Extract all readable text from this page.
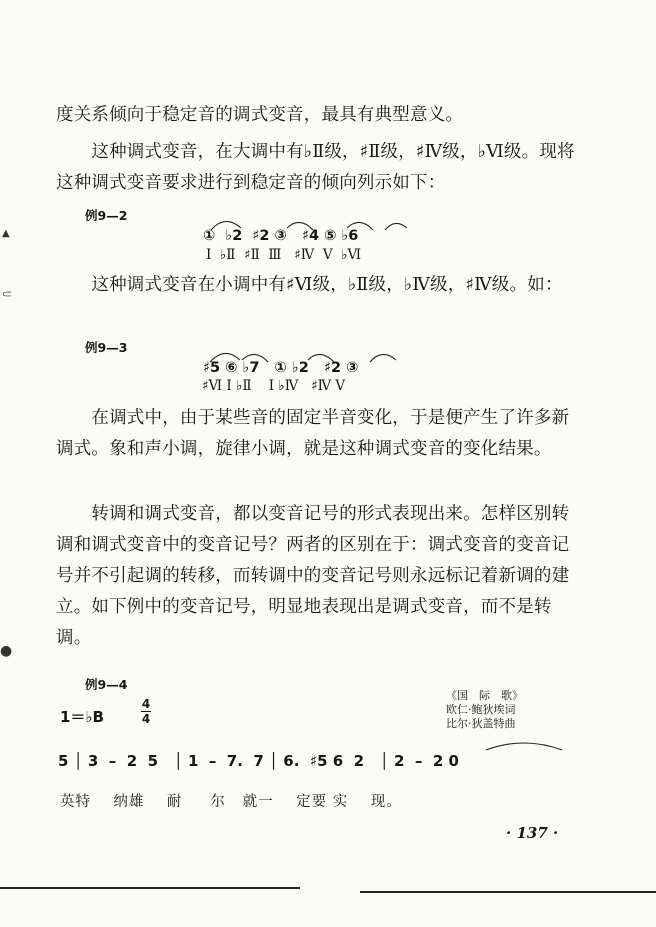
度关系倾向于稳定音的调式变音，最具有典型意义。

　　这种调式变音，在大调中有♭Ⅱ级，♯Ⅱ级，♯Ⅳ级，♭Ⅵ级。现将这种调式变音要求进行到稳定音的倾向列示如下：

例9—2
①  ♭2  ♯2 ③   ♯4 ⑤ ♭6
Ⅰ  ♭Ⅱ  ♯Ⅱ  Ⅲ   ♯Ⅳ  Ⅴ  ♭Ⅵ

　　这种调式变音在小调中有♯Ⅵ级，♭Ⅱ级，♭Ⅳ级，♯Ⅳ级。如：

例9—3
♯5 ⑥ ♭7   ① ♭2   ♯2 ③
♯Ⅵ Ⅰ ♭Ⅱ    Ⅰ ♭Ⅳ   ♯Ⅳ Ⅴ

　　在调式中，由于某些音的固定半音变化，于是便产生了许多新调式。象和声小调，旋律小调，就是这种调式变音的变化结果。

　　转调和调式变音，都以变音记号的形式表现出来。怎样区别转调和调式变音中的变音记号？两者的区别在于：调式变音的变音记号并不引起调的转移，而转调中的变音记号则永远标记着新调的建立。如下例中的变音记号，明显地表现出是调式变音，而不是转调。

例9—4
1＝♭B
4
4
《国　际　歌》
欧仁·鲍狄埃词
比尔·狄盖特曲
5 │ 3  –  2  5   │ 1  –  7.  7 │ 6.  ♯5 6  2   │ 2  –  2 0
英特    纳雄    耐     尔   就一    定要 实    现。
· 137 ·
⸦
▲
●
